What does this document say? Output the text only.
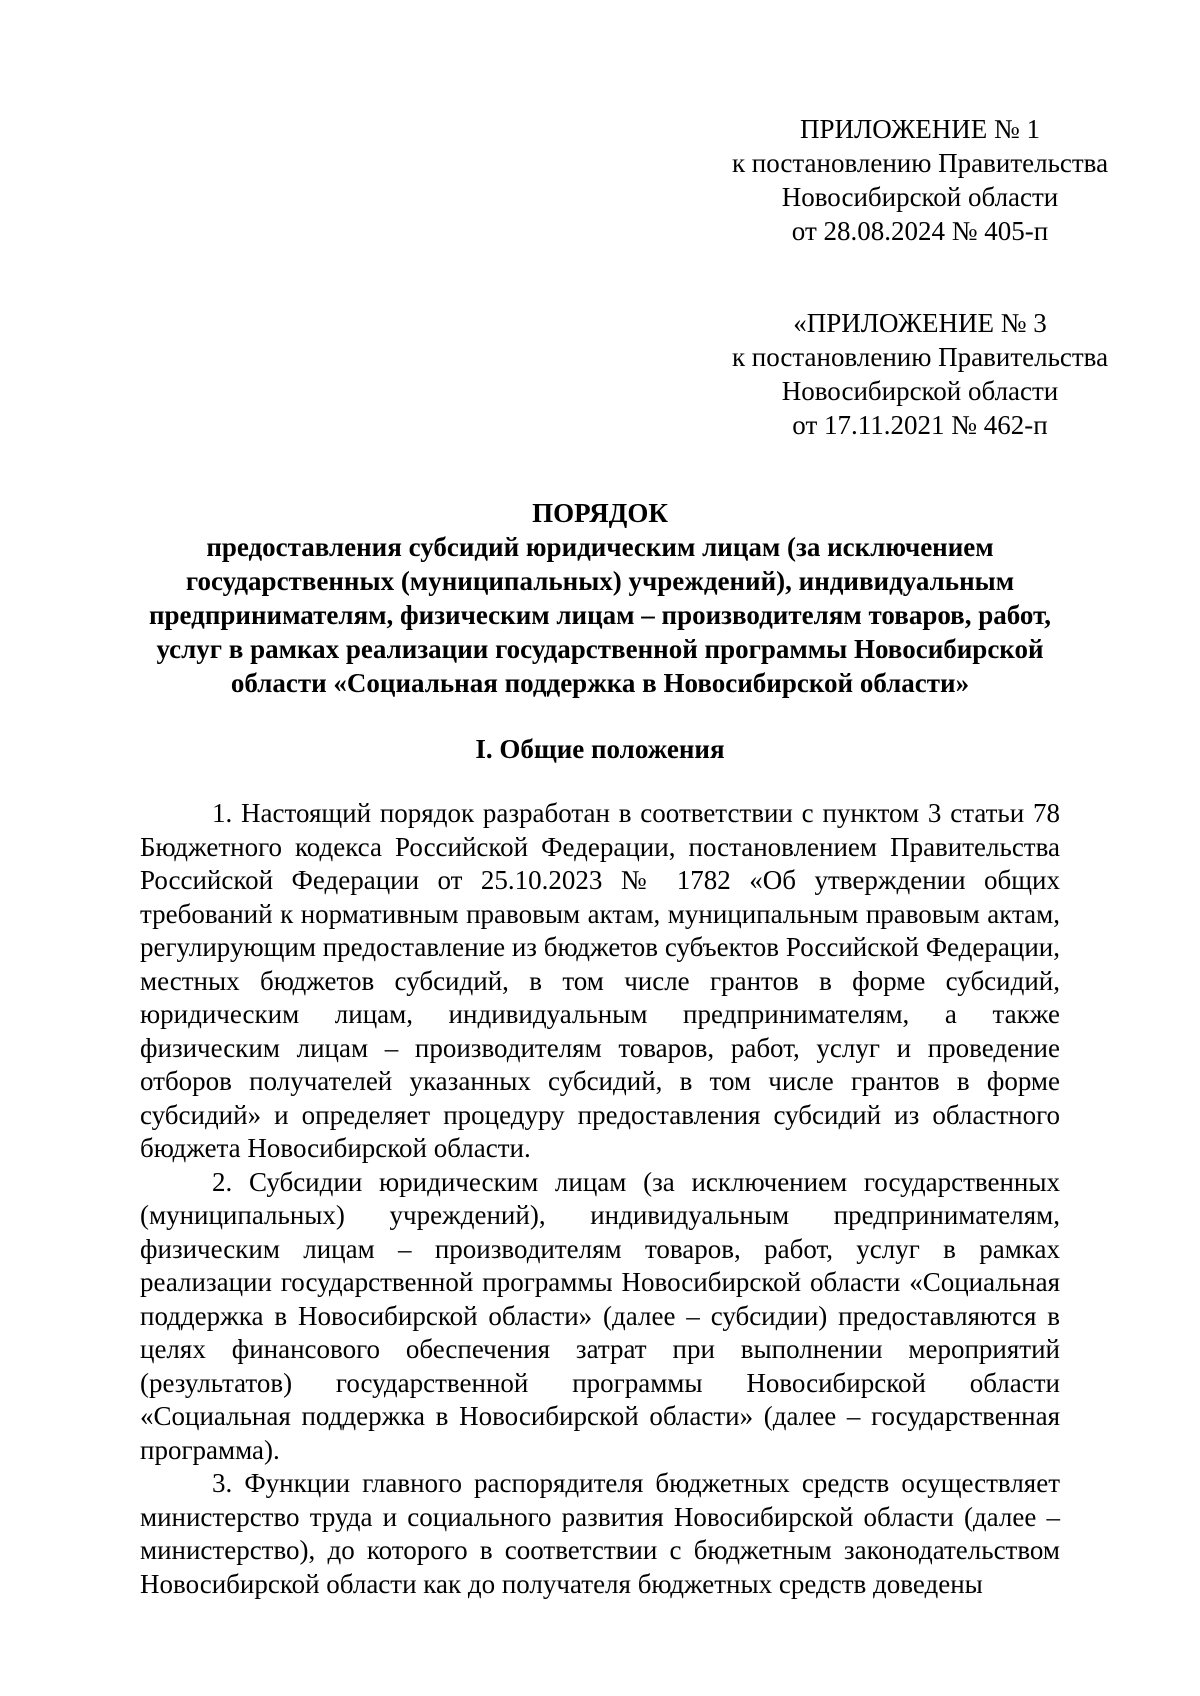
ПРИЛОЖЕНИЕ № 1
к постановлению Правительства
Новосибирской области
от 28.08.2024 № 405-п
«ПРИЛОЖЕНИЕ № 3
к постановлению Правительства
Новосибирской области
от 17.11.2021 № 462-п
ПОРЯДОК
предоставления субсидий юридическим лицам (за исключением
государственных (муниципальных) учреждений), индивидуальным
предпринимателям, физическим лицам – производителям товаров, работ,
услуг в рамках реализации государственной программы Новосибирской
области «Социальная поддержка в Новосибирской области»
I. Общие положения

1. Настоящий порядок разработан в соответствии с пунктом 3 статьи 78 Бюджетного кодекса Российской Федерации, постановлением Правительства Российской Федерации от 25.10.2023 № 1782 «Об утверждении общих требований к нормативным правовым актам, муниципальным правовым актам, регулирующим предоставление из бюджетов субъектов Российской Федерации, местных бюджетов субсидий, в том числе грантов в форме субсидий, юридическим лицам, индивидуальным предпринимателям, а также физическим лицам – производителям товаров, работ, услуг и проведение отборов получателей указанных субсидий, в том числе грантов в форме субсидий» и определяет процедуру предоставления субсидий из областного бюджета Новосибирской области.

2. Субсидии юридическим лицам (за исключением государственных (муниципальных) учреждений), индивидуальным предпринимателям, физическим лицам – производителям товаров, работ, услуг в рамках реализации государственной программы Новосибирской области «Социальная поддержка в Новосибирской области» (далее – субсидии) предоставляются в целях финансового обеспечения затрат при выполнении мероприятий (результатов) государственной программы Новосибирской области «Социальная поддержка в Новосибирской области» (далее – государственная программа).

3. Функции главного распорядителя бюджетных средств осуществляет министерство труда и социального развития Новосибирской области (далее – министерство), до которого в соответствии с бюджетным законодательством Новосибирской области как до получателя бюджетных средств доведены
